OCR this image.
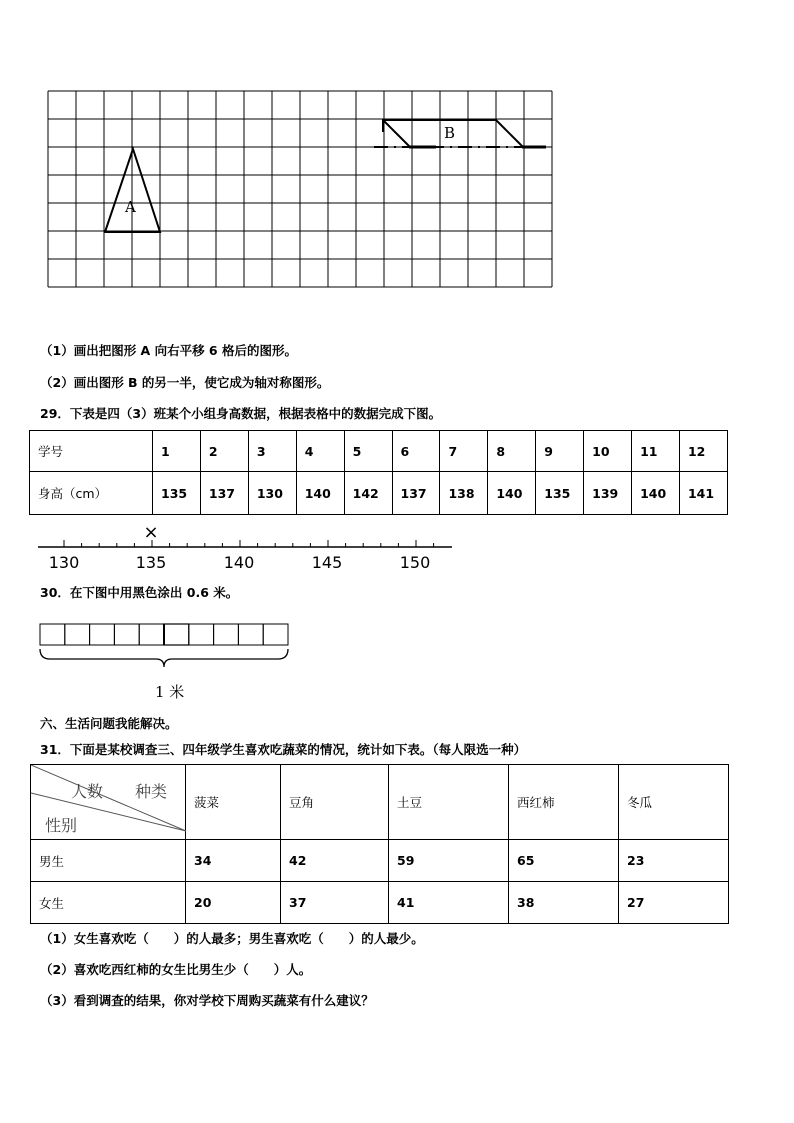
A
B
（1）画出把图形 A 向右平移 6 格后的图形。
（2）画出图形 B 的另一半，使它成为轴对称图形。
29．下表是四（3）班某个小组身高数据，根据表格中的数据完成下图。
学号	1	2	3	4	5	6	7	8	9	10	11	12
身高（cm）	135	137	130	140	142	137	138	140	135	139	140	141
130	135	140	145	150
×
30．在下图中用黑色涂出 0.6 米。
1 米
六、生活问题我能解决。
31．下面是某校调查三、四年级学生喜欢吃蔬菜的情况，统计如下表。（每人限选一种）
人数 种类
性别	菠菜	豆角	土豆	西红柿	冬瓜
男生	34	42	59	65	23
女生	20	37	41	38	27
（1）女生喜欢吃（　　）的人最多；男生喜欢吃（　　）的人最少。
（2）喜欢吃西红柿的女生比男生少（　　）人。
（3）看到调查的结果，你对学校下周购买蔬菜有什么建议？
